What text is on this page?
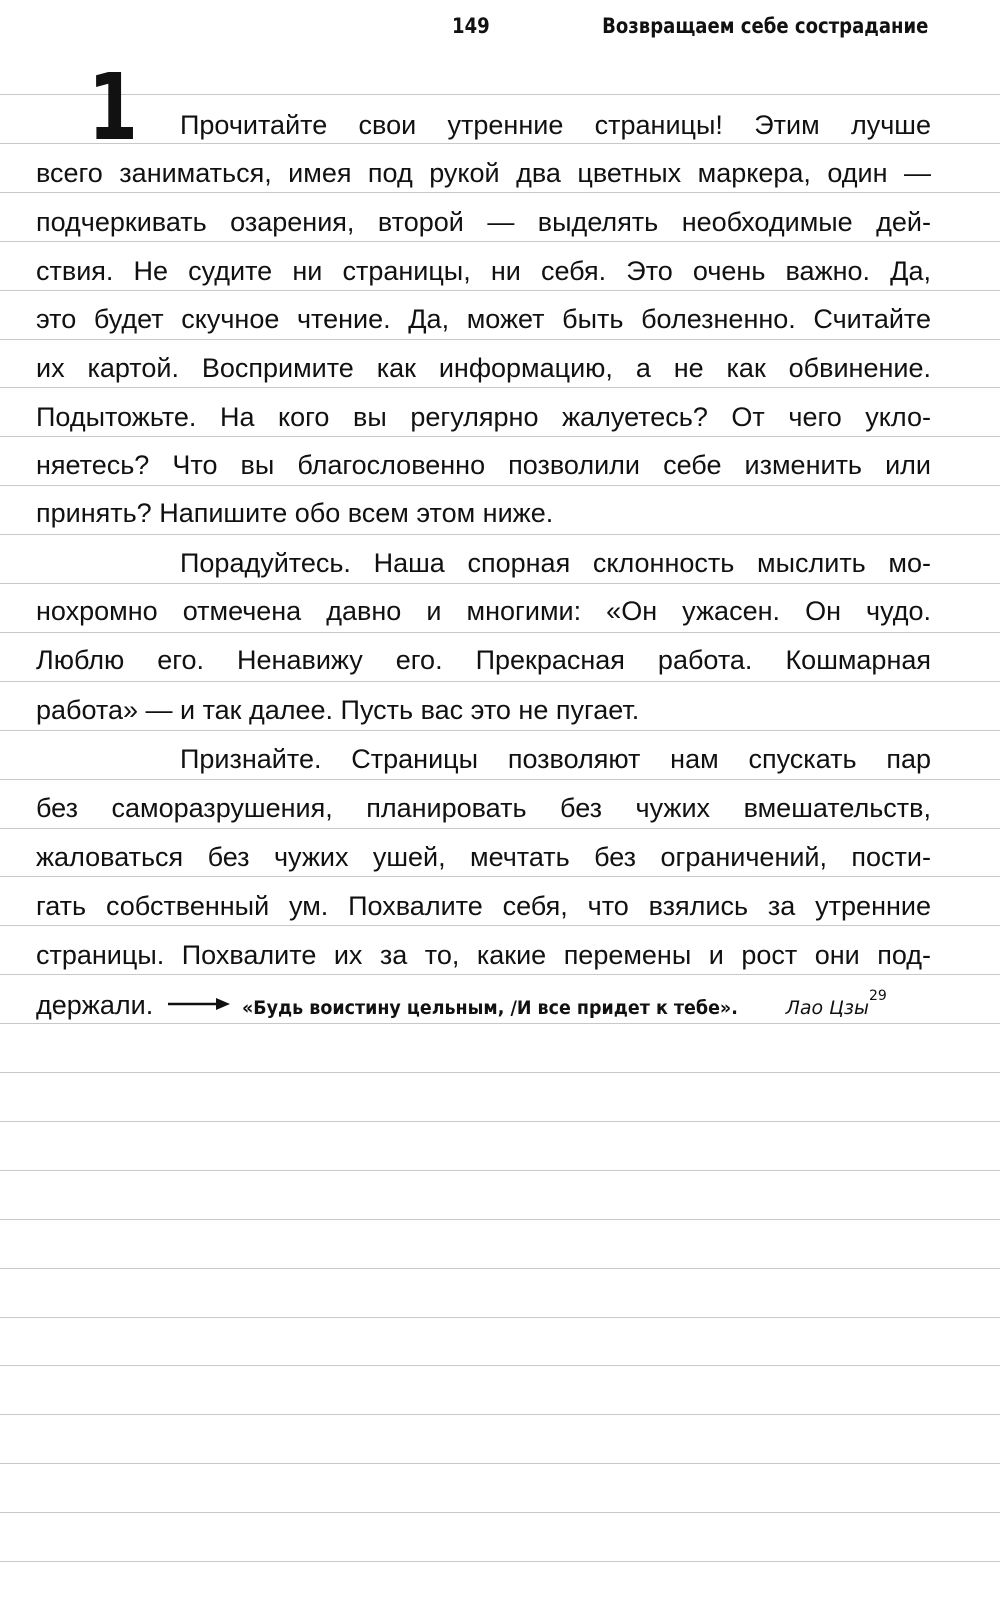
149	Возвращаем себе сострадание
1 Прочитайте свои утренние страницы! Этим лучше
всего заниматься, имея под рукой два цветных маркера, один —
подчеркивать озарения, второй — выделять необходимые дей-
ствия. Не судите ни страницы, ни себя. Это очень важно. Да,
это будет скучное чтение. Да, может быть болезненно. Считайте
их картой. Воспримите как информацию, а не как обвинение.
Подытожьте. На кого вы регулярно жалуетесь? От чего укло-
няетесь? Что вы благословенно позволили себе изменить или
принять? Напишите обо всем этом ниже.
Порадуйтесь. Наша спорная склонность мыслить мо-
нохромно отмечена давно и многими: «Он ужасен. Он чудо.
Люблю его. Ненавижу его. Прекрасная работа. Кошмарная
работа» — и так далее. Пусть вас это не пугает.
Признайте. Страницы позволяют нам спускать пар
без саморазрушения, планировать без чужих вмешательств,
жаловаться без чужих ушей, мечтать без ограничений, пости-
гать собственный ум. Похвалите себя, что взялись за утренние
страницы. Похвалите их за то, какие перемены и рост они под-
держали.	«Будь воистину цельным, /И все придет к тебе».	Лао Цзы$^{29}$
